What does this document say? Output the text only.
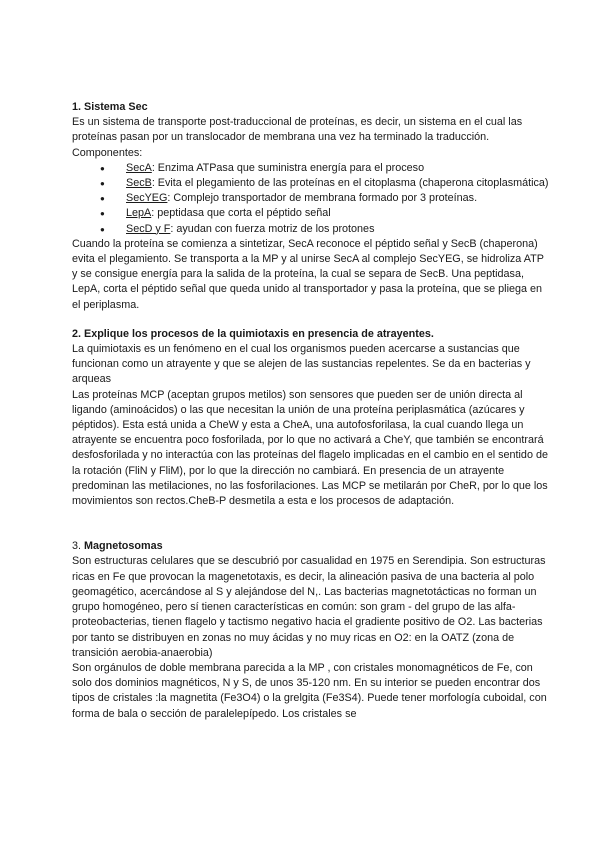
1. Sistema Sec

Es un sistema de transporte post-traduccional de proteínas, es decir, un sistema en el cual las proteínas pasan por un translocador de membrana una vez ha terminado la traducción.

Componentes:

● SecA: Enzima ATPasa que suministra energía para el proceso
● SecB: Evita el plegamiento de las proteínas en el citoplasma (chaperona citoplasmática)
● SecYEG: Complejo transportador de membrana formado por 3 proteínas.
● LepA: peptidasa que corta el péptido señal
● SecD y F: ayudan con fuerza motriz de los protones

Cuando la proteína se comienza a sintetizar, SecA reconoce el péptido señal y SecB (chaperona) evita el plegamiento. Se transporta a la MP y al unirse SecA al complejo SecYEG, se hidroliza ATP y se consigue energía para la salida de la proteína, la cual se separa de SecB. Una peptidasa, LepA, corta el péptido señal que queda unido al transportador y pasa la proteína, que se pliega en el periplasma.

2. Explique los procesos de la quimiotaxis en presencia de atrayentes.

La quimiotaxis es un fenómeno en el cual los organismos pueden acercarse a sustancias que funcionan como un atrayente y que se alejen de las sustancias repelentes. Se da en bacterias y arqueas

Las proteínas MCP (aceptan grupos metilos) son sensores que pueden ser de unión directa al ligando (aminoácidos) o las que necesitan la unión de una proteína periplasmática (azúcares y péptidos). Esta está unida a CheW y esta a CheA, una autofosforilasa, la cual cuando llega un atrayente se encuentra poco fosforilada, por lo que no activará a CheY, que también se encontrará desfosforilada y no interactúa con las proteínas del flagelo implicadas en el cambio en el sentido de la rotación (FliN y FliM), por lo que la dirección no cambiará. En presencia de un atrayente predominan las metilaciones, no las fosforilaciones. Las MCP se metilarán por CheR, por lo que los movimientos son rectos.CheB-P desmetila a esta e los procesos de adaptación.

3. Magnetosomas

Son estructuras celulares que se descubrió por casualidad en 1975 en Serendipia. Son estructuras ricas en Fe que provocan la magenetotaxis, es decir, la alineación pasiva de una bacteria al polo geomagético, acercándose al S y alejándose del N,. Las bacterias magnetotácticas no forman un grupo homogéneo, pero sí tienen características en común: son gram - del grupo de las alfa-proteobacterias, tienen flagelo y tactismo negativo hacia el gradiente positivo de O2. Las bacterias por tanto se distribuyen en zonas no muy ácidas y no muy ricas en O2: en la OATZ (zona de transición aerobia-anaerobia)

Son orgánulos de doble membrana parecida a la MP , con cristales monomagnéticos de Fe, con solo dos dominios magnéticos, N y S, de unos 35-120 nm. En su interior se pueden encontrar dos tipos de cristales :la magnetita (Fe3O4) o la grelgita (Fe3S4). Puede tener morfología cuboidal, con forma de bala o sección de paralelepípedo. Los cristales se
